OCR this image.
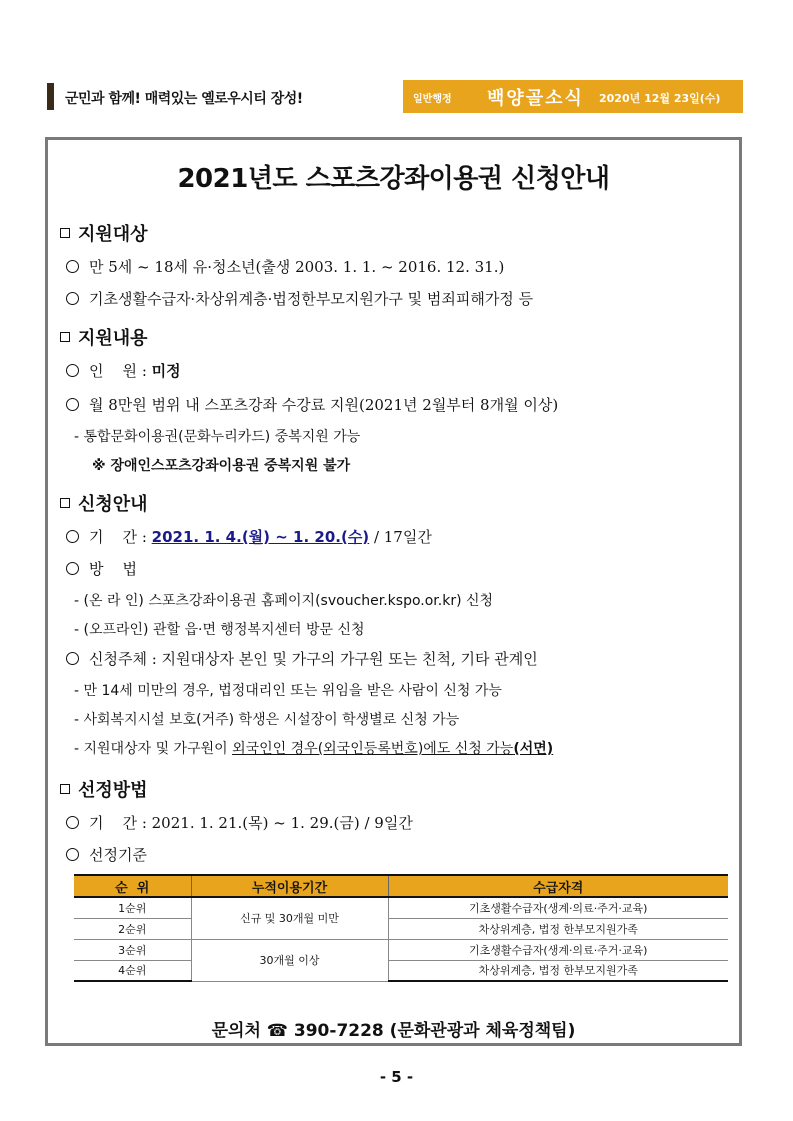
군민과 함께! 매력있는 옐로우시티 장성!	일반행정 백양골소식 2020년 12월 23일(수)
2021년도 스포츠강좌이용권 신청안내
지원대상
만 5세 ~ 18세 유·청소년(출생 2003. 1. 1. ~ 2016. 12. 31.)
기초생활수급자·차상위계층·법정한부모지원가구 및 범죄피해가정 등
지원내용
인    원 : 미정
월 8만원 범위 내 스포츠강좌 수강료 지원(2021년 2월부터 8개월 이상)
- 통합문화이용권(문화누리카드) 중복지원 가능
※ 장애인스포츠강좌이용권 중복지원 불가
신청안내
기    간 : 2021. 1. 4.(월) ~ 1. 20.(수) / 17일간
방    법
- (온 라 인) 스포츠강좌이용권 홈페이지(svoucher.kspo.or.kr) 신청
- (오프라인) 관할 읍·면 행정복지센터 방문 신청
신청주체 : 지원대상자 본인 및 가구의 가구원 또는 친척, 기타 관계인
- 만 14세 미만의 경우, 법정대리인 또는 위임을 받은 사람이 신청 가능
- 사회복지시설 보호(거주) 학생은 시설장이 학생별로 신청 가능
- 지원대상자 및 가구원이 외국인인 경우(외국인등록번호)에도 신청 가능(서면)
선정방법
기    간 : 2021. 1. 21.(목) ~ 1. 29.(금) / 9일간
선정기준
순  위	누적이용기간	수급자격
1순위	신규 및 30개월 미만	기초생활수급자(생계·의료·주거·교육)
2순위		차상위계층, 법정 한부모지원가족
3순위	30개월 이상	기초생활수급자(생계·의료·주거·교육)
4순위		차상위계층, 법정 한부모지원가족
문의처 ☎ 390-7228 (문화관광과 체육정책팀)
- 5 -
